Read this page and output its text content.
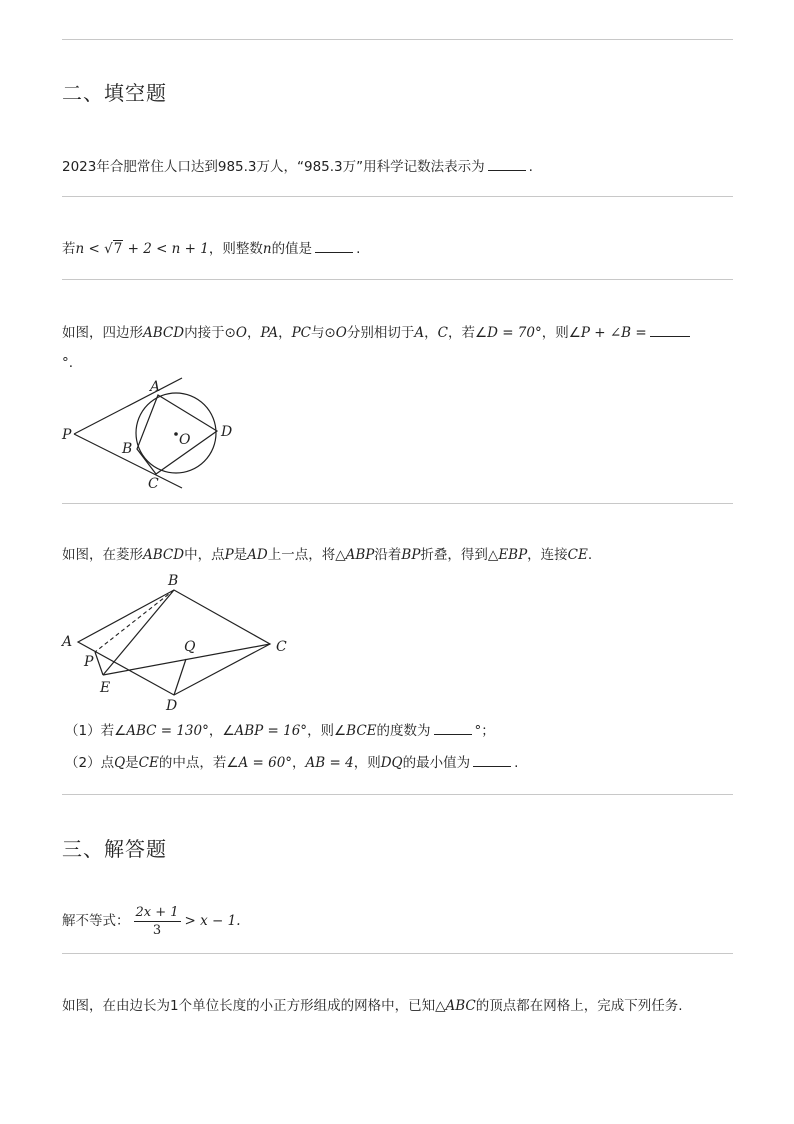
二、填空题
2023年合肥常住人口达到985.3万人，“985.3万”用科学记数法表示为	.
若n < √7 + 2 < n + 1，则整数n的值是	.
如图，四边形ABCD内接于⊙O，PA，PC与⊙O分别相切于A，C，若∠D = 70°，则∠P + ∠B =
°.
A
B
C
D
P	O
如图，在菱形ABCD中，点P是AD上一点，将△ABP沿着BP折叠，得到△EBP，连接CE.
A
B
C
D
P
Q
E
（1）若∠ABC = 130°，∠ABP = 16°，则∠BCE的度数为	°；
（2）点Q是CE的中点，若∠A = 60°，AB = 4，则DQ的最小值为	.
三、解答题
解不等式： $\frac{2x + 1}{3} > x - 1$.
如图，在由边长为1个单位长度的小正方形组成的网格中，已知△ABC的顶点都在网格上，完成下列任务.
